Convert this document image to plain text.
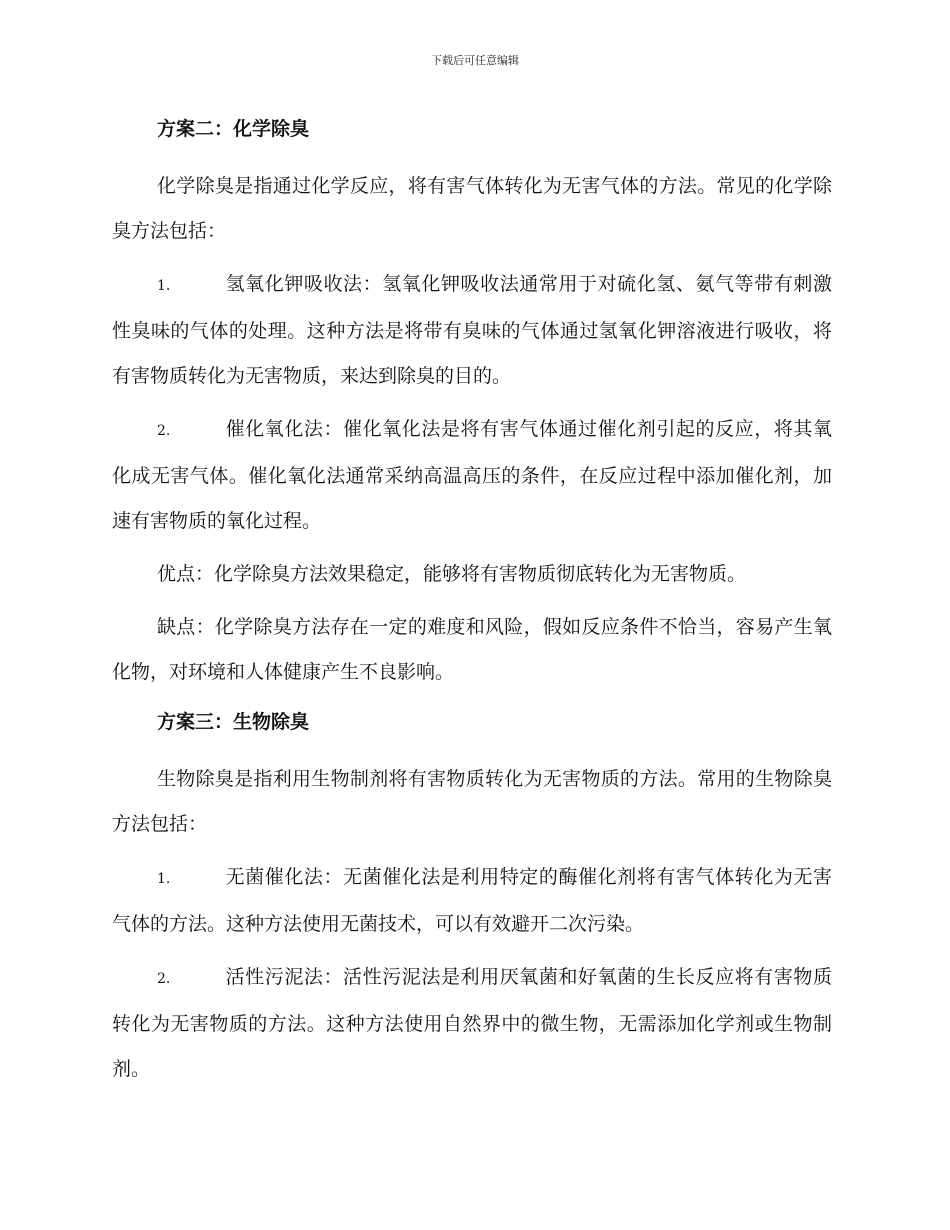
下载后可任意编辑
方案二：化学除臭

化学除臭是指通过化学反应，将有害气体转化为无害气体的方法。常见的化学除臭方法包括：

1.	氢氧化钾吸收法：氢氧化钾吸收法通常用于对硫化氢、氨气等带有刺激性臭味的气体的处理。这种方法是将带有臭味的气体通过氢氧化钾溶液进行吸收，将有害物质转化为无害物质，来达到除臭的目的。

2.	催化氧化法：催化氧化法是将有害气体通过催化剂引起的反应，将其氧化成无害气体。催化氧化法通常采纳高温高压的条件，在反应过程中添加催化剂，加速有害物质的氧化过程。

优点：化学除臭方法效果稳定，能够将有害物质彻底转化为无害物质。

缺点：化学除臭方法存在一定的难度和风险，假如反应条件不恰当，容易产生氧化物，对环境和人体健康产生不良影响。

方案三：生物除臭

生物除臭是指利用生物制剂将有害物质转化为无害物质的方法。常用的生物除臭方法包括：

1.	无菌催化法：无菌催化法是利用特定的酶催化剂将有害气体转化为无害气体的方法。这种方法使用无菌技术，可以有效避开二次污染。

2.	活性污泥法：活性污泥法是利用厌氧菌和好氧菌的生长反应将有害物质转化为无害物质的方法。这种方法使用自然界中的微生物，无需添加化学剂或生物制剂。
